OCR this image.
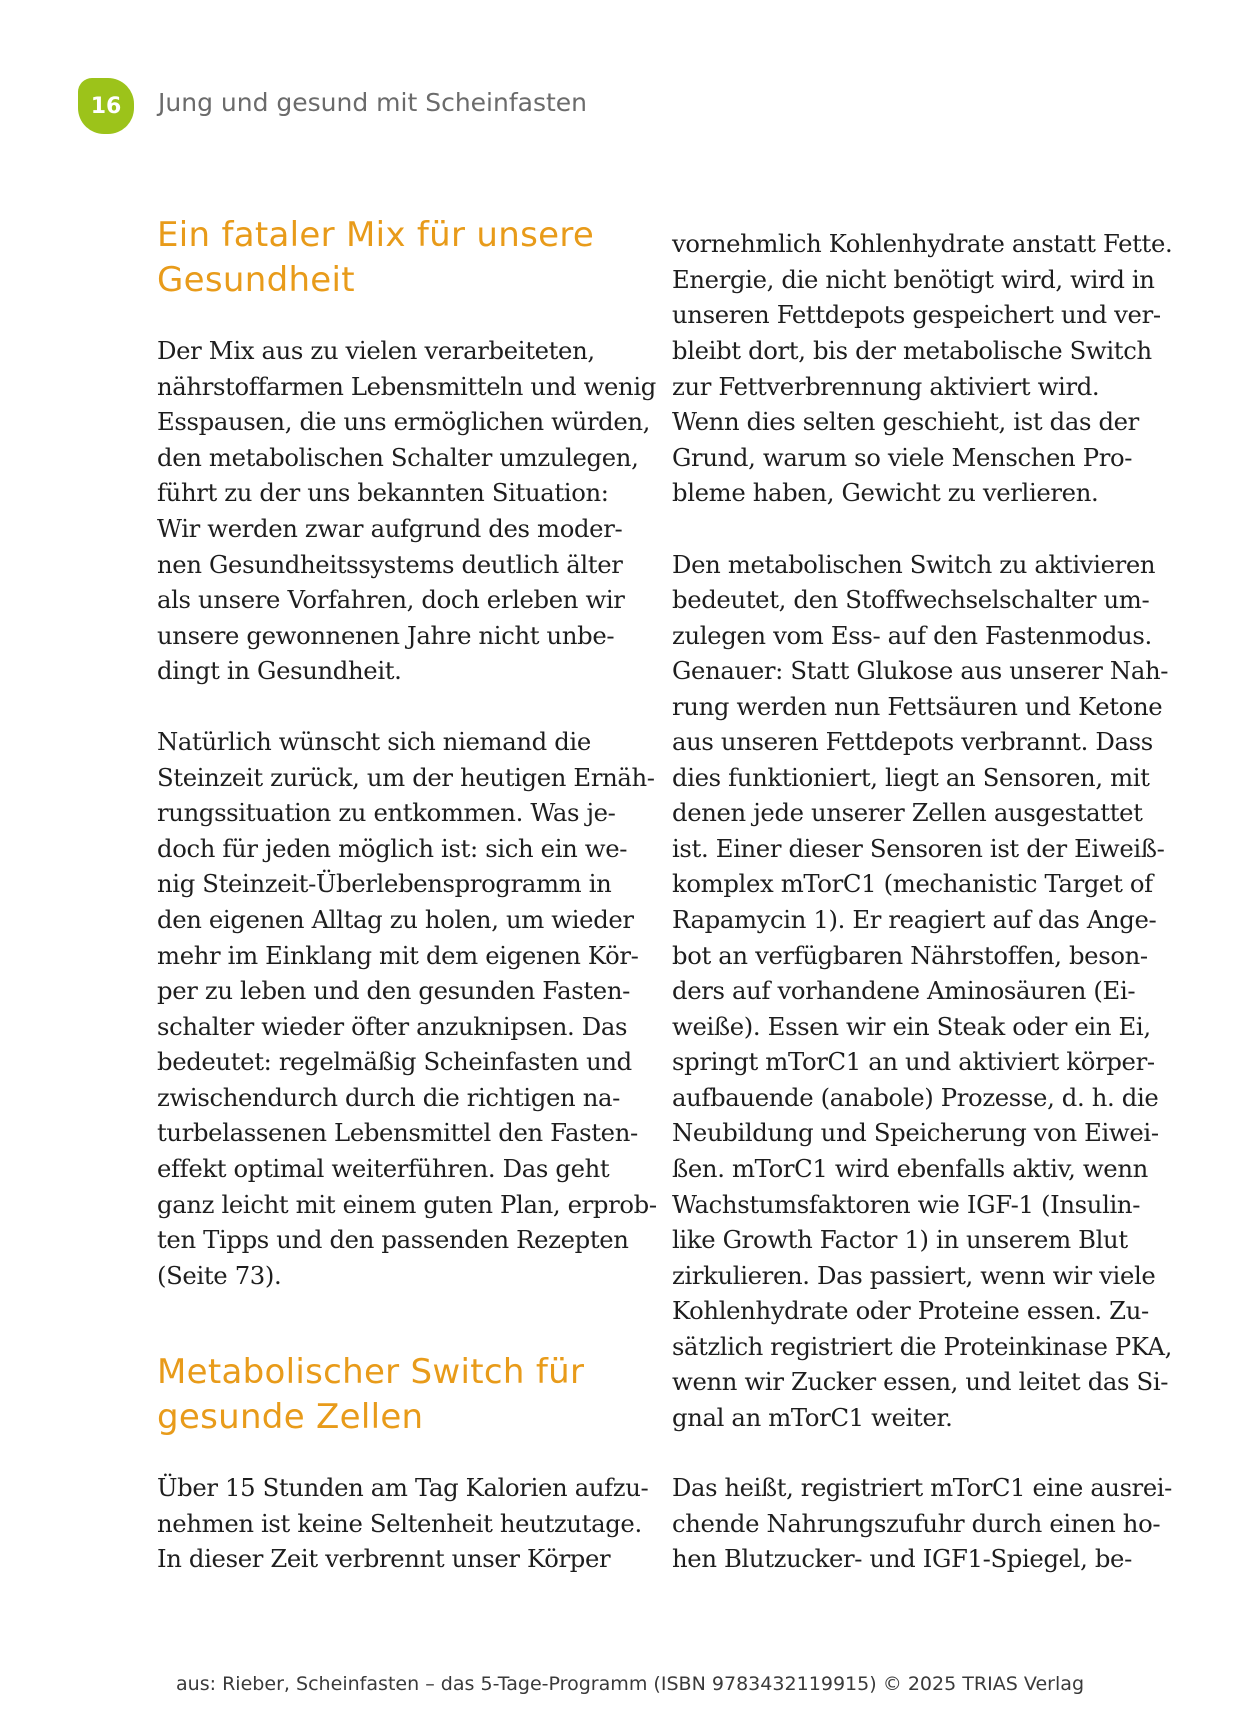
16	Jung und gesund mit Scheinfasten
Ein fataler Mix für unsere
Gesundheit
Der Mix aus zu vielen verarbeiteten,
nährstoffarmen Lebensmitteln und wenig
Esspausen, die uns ermöglichen würden,
den metabolischen Schalter umzulegen,
führt zu der uns bekannten Situation:
Wir werden zwar aufgrund des moder-
nen Gesundheitssystems deutlich älter
als unsere Vorfahren, doch erleben wir
unsere gewonnenen Jahre nicht unbe-
dingt in Gesundheit.
Natürlich wünscht sich niemand die
Steinzeit zurück, um der heutigen Ernäh-
rungssituation zu entkommen. Was je-
doch für jeden möglich ist: sich ein we-
nig Steinzeit-Überlebensprogramm in
den eigenen Alltag zu holen, um wieder
mehr im Einklang mit dem eigenen Kör-
per zu leben und den gesunden Fasten-
schalter wieder öfter anzuknipsen. Das
bedeutet: regelmäßig Scheinfasten und
zwischendurch durch die richtigen na-
turbelassenen Lebensmittel den Fasten-
effekt optimal weiterführen. Das geht
ganz leicht mit einem guten Plan, erprob-
ten Tipps und den passenden Rezepten
(Seite 73).
Metabolischer Switch für
gesunde Zellen
Über 15 Stunden am Tag Kalorien aufzu-
nehmen ist keine Seltenheit heutzutage.
In dieser Zeit verbrennt unser Körper
vornehmlich Kohlenhydrate anstatt Fette.
Energie, die nicht benötigt wird, wird in
unseren Fettdepots gespeichert und ver-
bleibt dort, bis der metabolische Switch
zur Fettverbrennung aktiviert wird.
Wenn dies selten geschieht, ist das der
Grund, warum so viele Menschen Pro-
bleme haben, Gewicht zu verlieren.
Den metabolischen Switch zu aktivieren
bedeutet, den Stoffwechselschalter um-
zulegen vom Ess- auf den Fastenmodus.
Genauer: Statt Glukose aus unserer Nah-
rung werden nun Fettsäuren und Ketone
aus unseren Fettdepots verbrannt. Dass
dies funktioniert, liegt an Sensoren, mit
denen jede unserer Zellen ausgestattet
ist. Einer dieser Sensoren ist der Eiweiß-
komplex mTorC1 (mechanistic Target of
Rapamycin 1). Er reagiert auf das Ange-
bot an verfügbaren Nährstoffen, beson-
ders auf vorhandene Aminosäuren (Ei-
weiße). Essen wir ein Steak oder ein Ei,
springt mTorC1 an und aktiviert körper-
aufbauende (anabole) Prozesse, d. h. die
Neubildung und Speicherung von Eiwei-
ßen. mTorC1 wird ebenfalls aktiv, wenn
Wachstumsfaktoren wie IGF-1 (Insulin-
like Growth Factor 1) in unserem Blut
zirkulieren. Das passiert, wenn wir viele
Kohlenhydrate oder Proteine essen. Zu-
sätzlich registriert die Proteinkinase PKA,
wenn wir Zucker essen, und leitet das Si-
gnal an mTorC1 weiter.
Das heißt, registriert mTorC1 eine ausrei-
chende Nahrungszufuhr durch einen ho-
hen Blutzucker- und IGF1-Spiegel, be-
aus: Rieber, Scheinfasten – das 5-Tage-Programm (ISBN 9783432119915) © 2025 TRIAS Verlag
